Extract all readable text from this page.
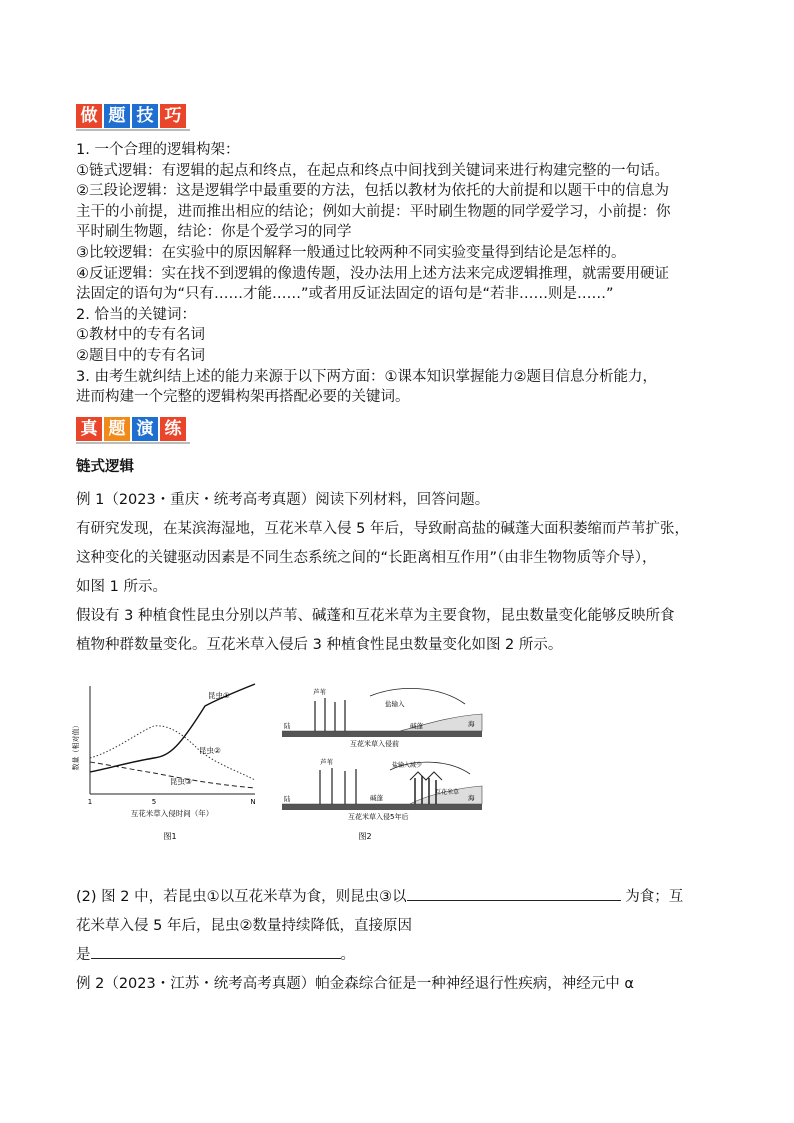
做 题 技 巧

1. 一个合理的逻辑构架：

①链式逻辑：有逻辑的起点和终点，在起点和终点中间找到关键词来进行构建完整的一句话。

②三段论逻辑：这是逻辑学中最重要的方法，包括以教材为依托的大前提和以题干中的信息为

主干的小前提，进而推出相应的结论；例如大前提：平时刷生物题的同学爱学习，小前提：你

平时刷生物题，结论：你是个爱学习的同学

③比较逻辑：在实验中的原因解释一般通过比较两种不同实验变量得到结论是怎样的。

④反证逻辑：实在找不到逻辑的像遗传题，没办法用上述方法来完成逻辑推理，就需要用硬证

法固定的语句为“只有……才能……”或者用反证法固定的语句是“若非……则是……”

2. 恰当的关键词：

①教材中的专有名词

②题目中的专有名词

3. 由考生就纠结上述的能力来源于以下两方面：①课本知识掌握能力②题目信息分析能力，

进而构建一个完整的逻辑构架再搭配必要的关键词。

真 题 演 练
链式逻辑

例 1（2023・重庆・统考高考真题）阅读下列材料，回答问题。

有研究发现，在某滨海湿地，互花米草入侵 5 年后，导致耐高盐的碱蓬大面积萎缩而芦苇扩张，

这种变化的关键驱动因素是不同生态系统之间的“长距离相互作用”（由非生物物质等介导），

如图 1 所示。

假设有 3 种植食性昆虫分别以芦苇、碱蓬和互花米草为主要食物，昆虫数量变化能够反映所食

植物种群数量变化。互花米草入侵后 3 种植食性昆虫数量变化如图 2 所示。

数量（相对值）
1	5	N
互花米草入侵时间（年）
昆虫①
昆虫②
昆虫③
图1
芦苇
陆	海
碱蓬
盐输入
互花米草入侵前
芦苇
陆	海
碱蓬
盐输入减少
互花米草
互花米草入侵5年后
图2

(2) 图 2 中，若昆虫①以互花米草为食，则昆虫③以	为食；互

花米草入侵 5 年后，昆虫②数量持续降低，直接原因

是	。

例 2（2023・江苏・统考高考真题）帕金森综合征是一种神经退行性疾病，神经元中 α
